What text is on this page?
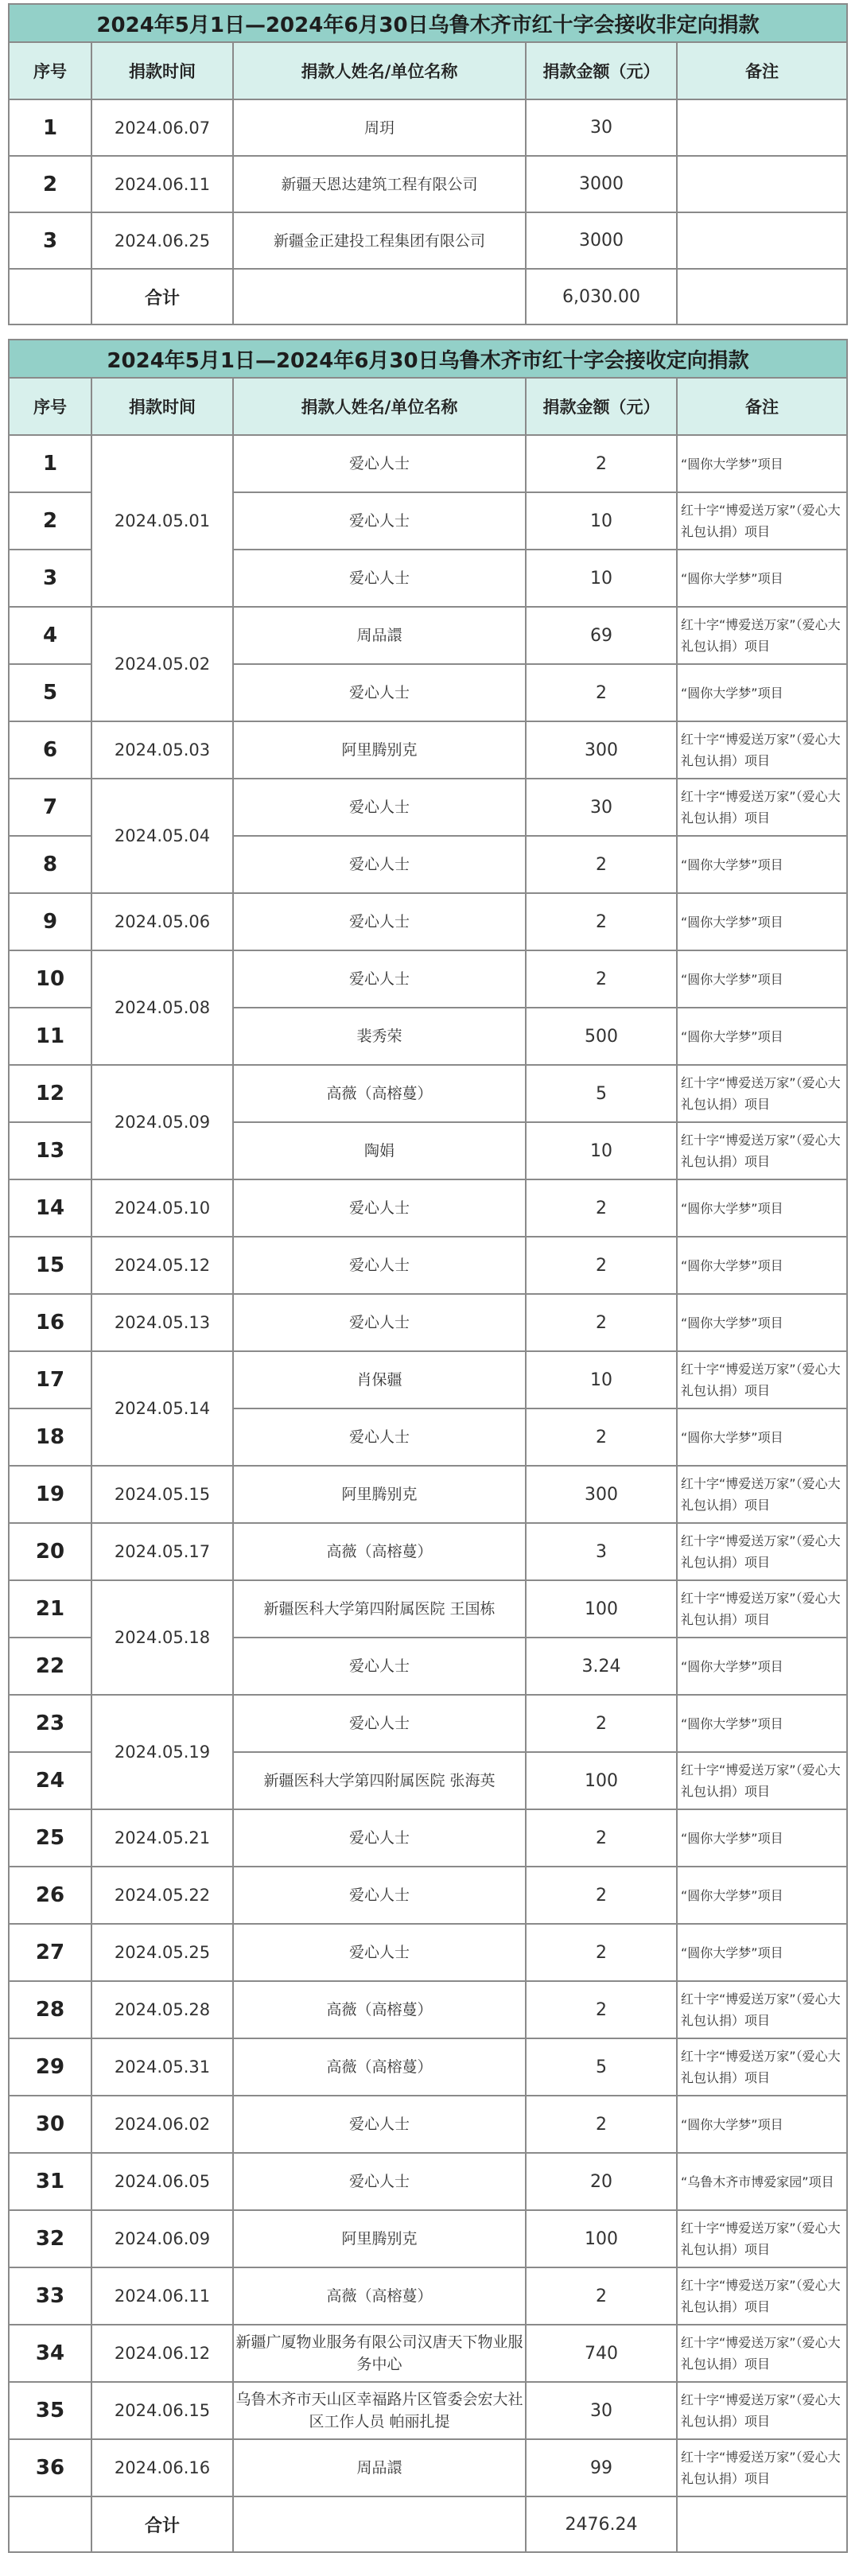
2024年5月1日—2024年6月30日乌鲁木齐市红十字会接收非定向捐款				
序号	捐款时间	捐款人姓名/单位名称	捐款金额（元）	备注
1	2024.06.07	周玥	30	
2	2024.06.11	新疆天恩达建筑工程有限公司	3000	
3	2024.06.25	新疆金正建投工程集团有限公司	3000	
	合计		6,030.00	
2024年5月1日—2024年6月30日乌鲁木齐市红十字会接收定向捐款				
序号	捐款时间	捐款人姓名/单位名称	捐款金额（元）	备注
1	2024.05.01	爱心人士	2	“圆你大学梦”项目
2		爱心人士	10	红十字“博爱送万家”（爱心大礼包认捐）项目
3		爱心人士	10	“圆你大学梦”项目
4	2024.05.02	周品譞	69	红十字“博爱送万家”（爱心大礼包认捐）项目
5		爱心人士	2	“圆你大学梦”项目
6	2024.05.03	阿里腾别克	300	红十字“博爱送万家”（爱心大礼包认捐）项目
7	2024.05.04	爱心人士	30	红十字“博爱送万家”（爱心大礼包认捐）项目
8		爱心人士	2	“圆你大学梦”项目
9	2024.05.06	爱心人士	2	“圆你大学梦”项目
10	2024.05.08	爱心人士	2	“圆你大学梦”项目
11		裴秀荣	500	“圆你大学梦”项目
12	2024.05.09	高薇（高榕蔓）	5	红十字“博爱送万家”（爱心大礼包认捐）项目
13		陶娟	10	红十字“博爱送万家”（爱心大礼包认捐）项目
14	2024.05.10	爱心人士	2	“圆你大学梦”项目
15	2024.05.12	爱心人士	2	“圆你大学梦”项目
16	2024.05.13	爱心人士	2	“圆你大学梦”项目
17	2024.05.14	肖保疆	10	红十字“博爱送万家”（爱心大礼包认捐）项目
18		爱心人士	2	“圆你大学梦”项目
19	2024.05.15	阿里腾别克	300	红十字“博爱送万家”（爱心大礼包认捐）项目
20	2024.05.17	高薇（高榕蔓）	3	红十字“博爱送万家”（爱心大礼包认捐）项目
21	2024.05.18	新疆医科大学第四附属医院 王国栋	100	红十字“博爱送万家”（爱心大礼包认捐）项目
22		爱心人士	3.24	“圆你大学梦”项目
23	2024.05.19	爱心人士	2	“圆你大学梦”项目
24		新疆医科大学第四附属医院 张海英	100	红十字“博爱送万家”（爱心大礼包认捐）项目
25	2024.05.21	爱心人士	2	“圆你大学梦”项目
26	2024.05.22	爱心人士	2	“圆你大学梦”项目
27	2024.05.25	爱心人士	2	“圆你大学梦”项目
28	2024.05.28	高薇（高榕蔓）	2	红十字“博爱送万家”（爱心大礼包认捐）项目
29	2024.05.31	高薇（高榕蔓）	5	红十字“博爱送万家”（爱心大礼包认捐）项目
30	2024.06.02	爱心人士	2	“圆你大学梦”项目
31	2024.06.05	爱心人士	20	“乌鲁木齐市博爱家园”项目
32	2024.06.09	阿里腾别克	100	红十字“博爱送万家”（爱心大礼包认捐）项目
33	2024.06.11	高薇（高榕蔓）	2	红十字“博爱送万家”（爱心大礼包认捐）项目
34	2024.06.12	新疆广厦物业服务有限公司汉唐天下物业服务中心	740	红十字“博爱送万家”（爱心大礼包认捐）项目
35	2024.06.15	乌鲁木齐市天山区幸福路片区管委会宏大社区工作人员 帕丽扎提	30	红十字“博爱送万家”（爱心大礼包认捐）项目
36	2024.06.16	周品譞	99	红十字“博爱送万家”（爱心大礼包认捐）项目
	合计		2476.24	
